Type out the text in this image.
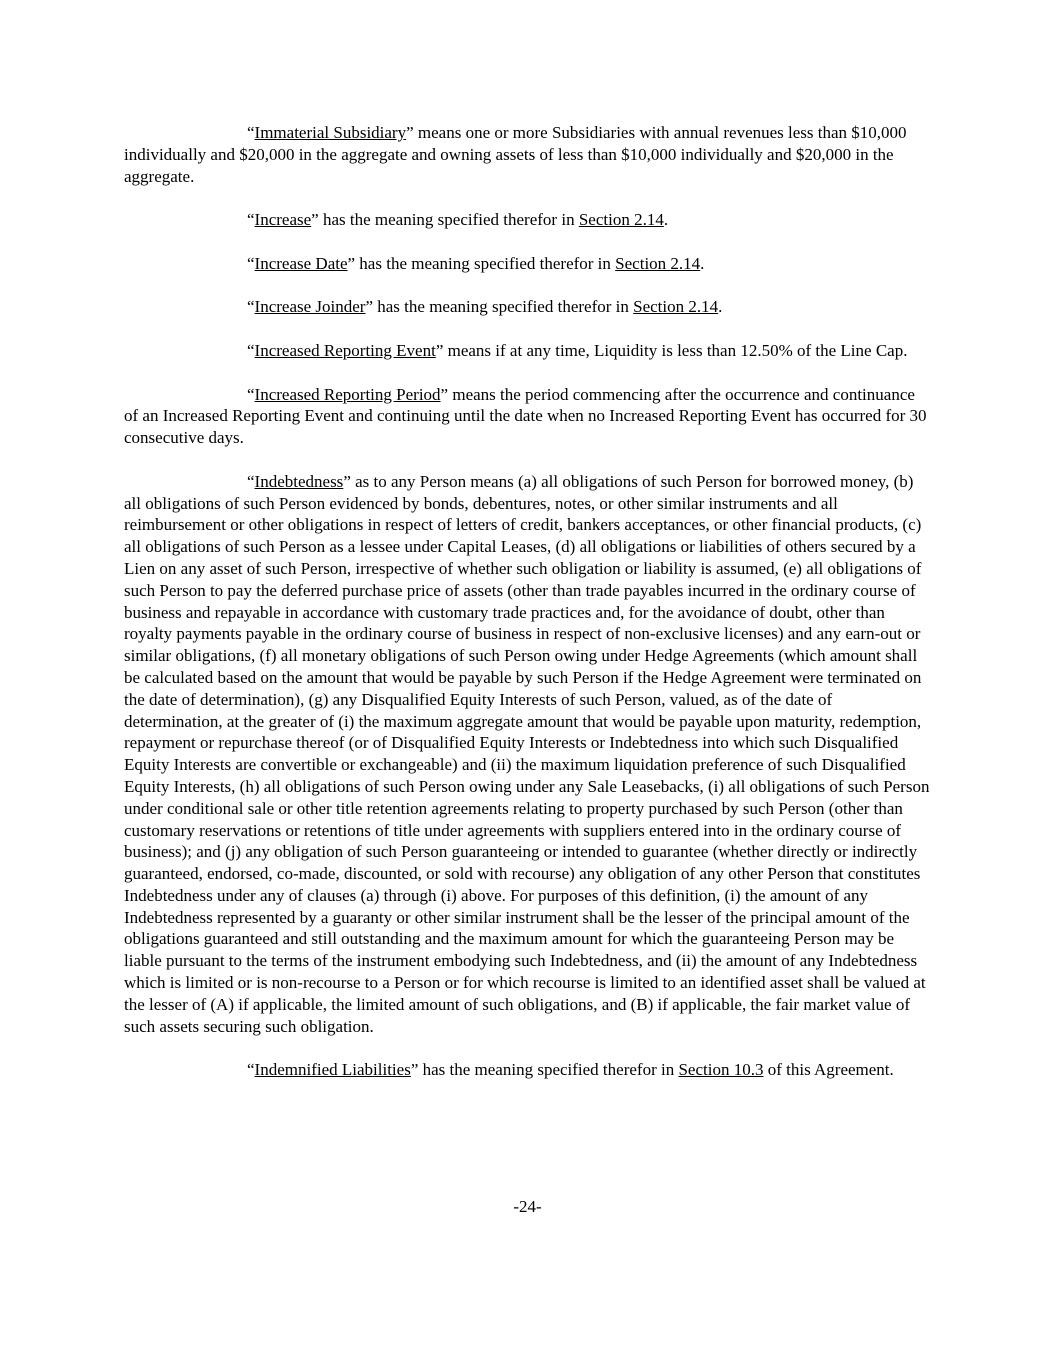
“Immaterial Subsidiary” means one or more Subsidiaries with annual revenues less than $10,000 individually and $20,000 in the aggregate and owning assets of less than $10,000 individually and $20,000 in the aggregate.

“Increase” has the meaning specified therefor in Section 2.14.

“Increase Date” has the meaning specified therefor in Section 2.14.

“Increase Joinder” has the meaning specified therefor in Section 2.14.

“Increased Reporting Event” means if at any time, Liquidity is less than 12.50% of the Line Cap.

“Increased Reporting Period” means the period commencing after the occurrence and continuance of an Increased Reporting Event and continuing until the date when no Increased Reporting Event has occurred for 30 consecutive days.

“Indebtedness” as to any Person means (a) all obligations of such Person for borrowed money, (b) all obligations of such Person evidenced by bonds, debentures, notes, or other similar instruments and all reimbursement or other obligations in respect of letters of credit, bankers acceptances, or other financial products, (c) all obligations of such Person as a lessee under Capital Leases, (d) all obligations or liabilities of others secured by a Lien on any asset of such Person, irrespective of whether such obligation or liability is assumed, (e) all obligations of such Person to pay the deferred purchase price of assets (other than trade payables incurred in the ordinary course of business and repayable in accordance with customary trade practices and, for the avoidance of doubt, other than royalty payments payable in the ordinary course of business in respect of non-exclusive licenses) and any earn-out or similar obligations, (f) all monetary obligations of such Person owing under Hedge Agreements (which amount shall be calculated based on the amount that would be payable by such Person if the Hedge Agreement were terminated on the date of determination), (g) any Disqualified Equity Interests of such Person, valued, as of the date of determination, at the greater of (i) the maximum aggregate amount that would be payable upon maturity, redemption, repayment or repurchase thereof (or of Disqualified Equity Interests or Indebtedness into which such Disqualified Equity Interests are convertible or exchangeable) and (ii) the maximum liquidation preference of such Disqualified Equity Interests, (h) all obligations of such Person owing under any Sale Leasebacks, (i) all obligations of such Person under conditional sale or other title retention agreements relating to property purchased by such Person (other than customary reservations or retentions of title under agreements with suppliers entered into in the ordinary course of business); and (j) any obligation of such Person guaranteeing or intended to guarantee (whether directly or indirectly guaranteed, endorsed, co-made, discounted, or sold with recourse) any obligation of any other Person that constitutes Indebtedness under any of clauses (a) through (i) above. For purposes of this definition, (i) the amount of any Indebtedness represented by a guaranty or other similar instrument shall be the lesser of the principal amount of the obligations guaranteed and still outstanding and the maximum amount for which the guaranteeing Person may be liable pursuant to the terms of the instrument embodying such Indebtedness, and (ii) the amount of any Indebtedness which is limited or is non-recourse to a Person or for which recourse is limited to an identified asset shall be valued at the lesser of (A) if applicable, the limited amount of such obligations, and (B) if applicable, the fair market value of such assets securing such obligation.

“Indemnified Liabilities” has the meaning specified therefor in Section 10.3 of this Agreement.

-24-
